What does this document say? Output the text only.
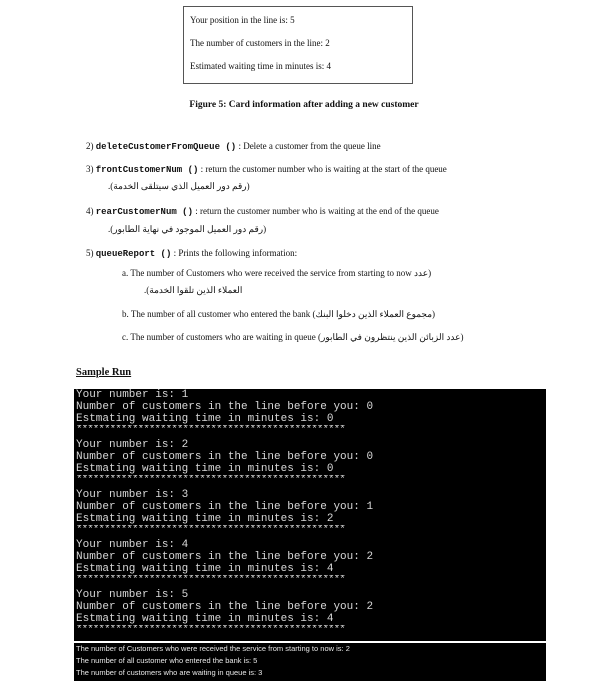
Your position in the line is: 5
The number of customers in the line: 2
Estimated waiting time in minutes is: 4
Figure 5: Card information after adding a new customer
2) deleteCustomerFromQueue () : Delete a customer from the queue line
3) frontCustomerNum () : return the customer number who is waiting at the start of the queue
(رقم دور العميل الذي سيتلقى الخدمة).
4) rearCustomerNum () : return the customer number who is waiting at the end of the queue
(رقم دور العميل الموجود في نهاية الطابور).
5) queueReport () : Prints the following information:
a. The number of Customers who were received the service from starting to now (عدد
العملاء الذين تلقوا الخدمة).
b. The number of all customer who entered the bank (مجموع العملاء الذين دخلوا البنك)
c. The number of customers who are waiting in queue (عدد الزبائن الذين ينتظرون في الطابور)
Sample Run
Your number is: 1
Number of customers in the line before you: 0
Estmating waiting time in minutes is: 0
************************************************
Your number is: 2
Number of customers in the line before you: 0
Estmating waiting time in minutes is: 0
************************************************
Your number is: 3
Number of customers in the line before you: 1
Estmating waiting time in minutes is: 2
************************************************
Your number is: 4
Number of customers in the line before you: 2
Estmating waiting time in minutes is: 4
************************************************
Your number is: 5
Number of customers in the line before you: 2
Estmating waiting time in minutes is: 4
************************************************
The number of Customers who were received the service from starting to now is: 2
The number of all customer who entered the bank is: 5
The number of customers who are waiting in queue is: 3
